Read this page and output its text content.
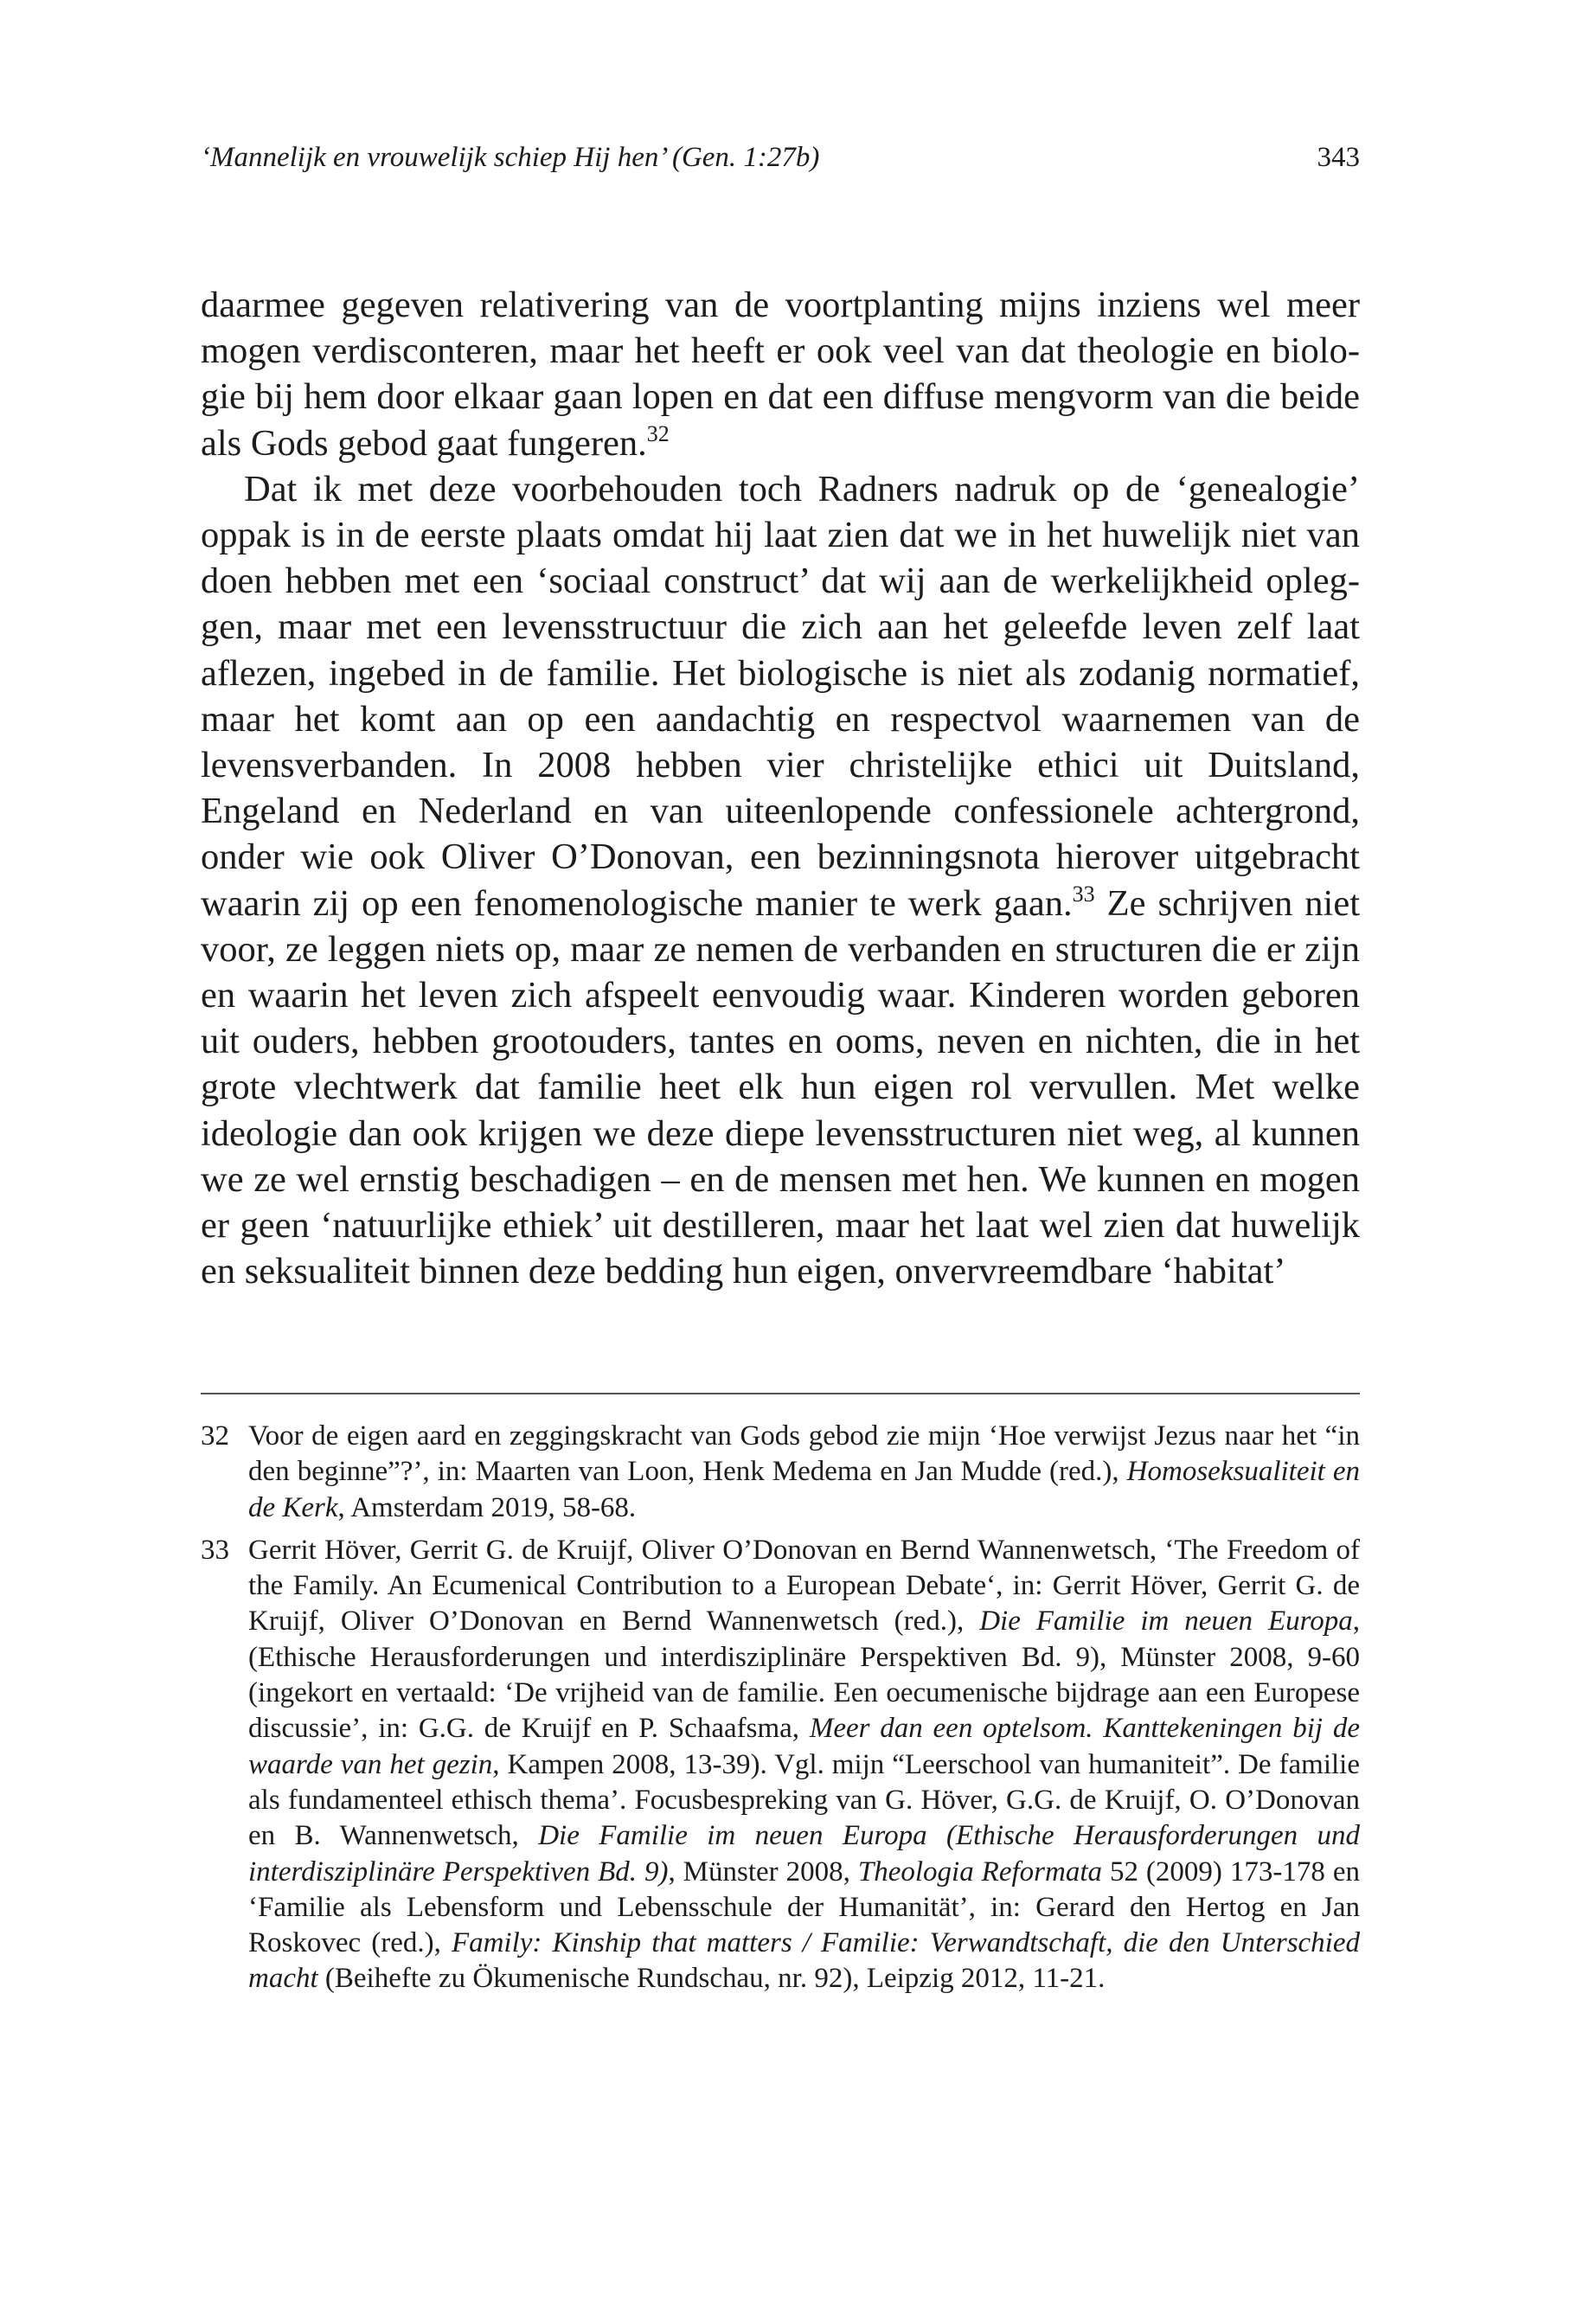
‘Mannelijk en vrouwelijk schiep Hij hen’ (Gen. 1:27b)	343

daarmee gegeven relativering van de voortplanting mijns inziens wel meer mogen verdisconteren, maar het heeft er ook veel van dat theologie en biologie bij hem door elkaar gaan lopen en dat een diffuse mengvorm van die beide als Gods gebod gaat fungeren.$^{32}$

Dat ik met deze voorbehouden toch Radners nadruk op de ‘genealogie’ oppak is in de eerste plaats omdat hij laat zien dat we in het huwelijk niet van doen hebben met een ‘sociaal construct’ dat wij aan de werkelijkheid opleggen, maar met een levensstructuur die zich aan het geleefde leven zelf laat aflezen, ingebed in de familie. Het biologische is niet als zodanig normatief, maar het komt aan op een aandachtig en respectvol waarnemen van de levensverbanden. In 2008 hebben vier christelijke ethici uit Duitsland, Engeland en Nederland en van uiteenlopende confessionele achtergrond, onder wie ook Oliver O’Donovan, een bezinningsnota hierover uitgebracht waarin zij op een fenomenologische manier te werk gaan.$^{33}$ Ze schrijven niet voor, ze leggen niets op, maar ze nemen de verbanden en structuren die er zijn en waarin het leven zich afspeelt eenvoudig waar. Kinderen worden geboren uit ouders, hebben grootouders, tantes en ooms, neven en nichten, die in het grote vlechtwerk dat familie heet elk hun eigen rol vervullen. Met welke ideologie dan ook krijgen we deze diepe levensstructuren niet weg, al kunnen we ze wel ernstig beschadigen – en de mensen met hen. We kunnen en mogen er geen ‘natuurlijke ethiek’ uit destilleren, maar het laat wel zien dat huwelijk en seksualiteit binnen deze bedding hun eigen, onvervreemdbare ‘habitat’

32 Voor de eigen aard en zeggingskracht van Gods gebod zie mijn ‘Hoe verwijst Jezus naar het “in den beginne”?’, in: Maarten van Loon, Henk Medema en Jan Mudde (red.), Homoseksualiteit en de Kerk, Amsterdam 2019, 58-68.
33 Gerrit Höver, Gerrit G. de Kruijf, Oliver O’Donovan en Bernd Wannenwetsch, ‘The Freedom of the Family. An Ecumenical Contribution to a European Debate‘, in: Gerrit Höver, Gerrit G. de Kruijf, Oliver O’Donovan en Bernd Wannenwetsch (red.), Die Familie im neuen Europa, (Ethische Herausforderungen und interdisziplinäre Perspektiven Bd. 9), Münster 2008, 9-60 (ingekort en vertaald: ‘De vrijheid van de familie. Een oecumenische bijdrage aan een Europese discussie’, in: G.G. de Kruijf en P. Schaafsma, Meer dan een optelsom. Kanttekeningen bij de waarde van het gezin, Kampen 2008, 13-39). Vgl. mijn “Leerschool van humaniteit”. De familie als fundamenteel ethisch thema’. Focusbespreking van G. Höver, G.G. de Kruijf, O. O’Donovan en B. Wannenwetsch, Die Familie im neuen Europa (Ethische Herausforderungen und interdisziplinäre Perspektiven Bd. 9), Münster 2008, Theologia Reformata 52 (2009) 173-178 en ‘Familie als Lebensform und Lebensschule der Humanität’, in: Gerard den Hertog en Jan Roskovec (red.), Family: Kinship that matters / Familie: Verwandtschaft, die den Unterschied macht (Beihefte zu Ökumenische Rundschau, nr. 92), Leipzig 2012, 11-21.
